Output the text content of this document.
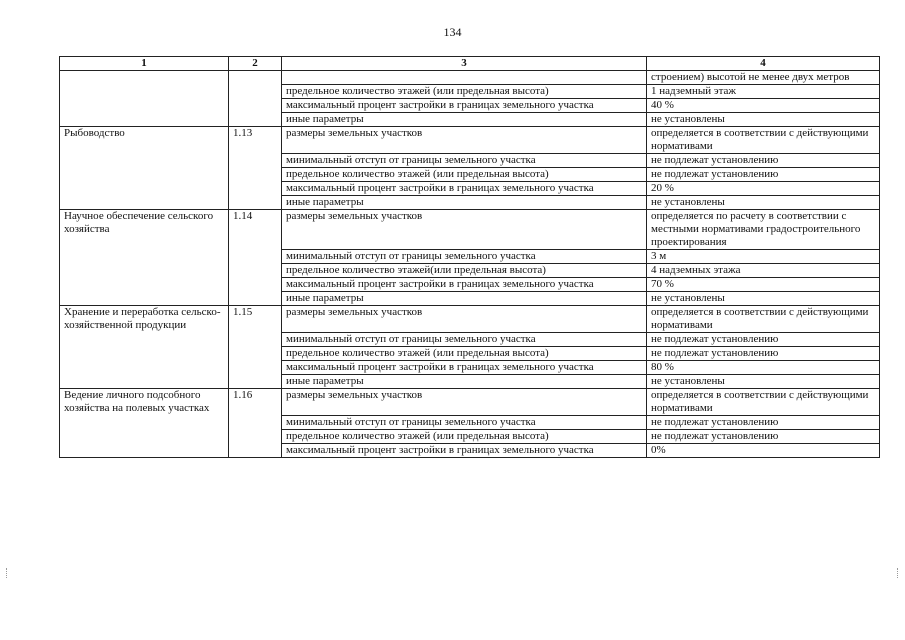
134
1	2	3	4
			строением) высотой не менее двух метров
		предельное количество этажей (или предельная высота)	1 надземный этаж
		максимальный процент застройки в границах земельного участка	40 %
		иные параметры	не установлены
Рыбоводство	1.13	размеры земельных участков	определяется в соответствии с действующими нормативами
		минимальный отступ от границы земельного участка	не подлежат установлению
		предельное количество этажей (или предельная высота)	не подлежат установлению
		максимальный процент застройки в границах земельного участка	20 %
		иные параметры	не установлены
Научное обеспечение сельского хозяйства	1.14	размеры земельных участков	определяется по расчету в соответствии с местными нормативами градостроительного проектирования
		минимальный отступ от границы земельного участка	3 м
		предельное количество этажей(или предельная высота)	4 надземных этажа
		максимальный процент застройки в границах земельного участка	70 %
		иные параметры	не установлены
Хранение и переработка сельско-хозяйственной продукции	1.15	размеры земельных участков	определяется в соответствии с действующими нормативами
		минимальный отступ от границы земельного участка	не подлежат установлению
		предельное количество этажей (или предельная высота)	не подлежат установлению
		максимальный процент застройки в границах земельного участка	80 %
		иные параметры	не установлены
Ведение личного подсобного хозяйства на полевых участках	1.16	размеры земельных участков	определяется в соответствии с действующими нормативами
		минимальный отступ от границы земельного участка	не подлежат установлению
		предельное количество этажей (или предельная высота)	не подлежат установлению
		максимальный процент застройки в границах земельного участка	0%
